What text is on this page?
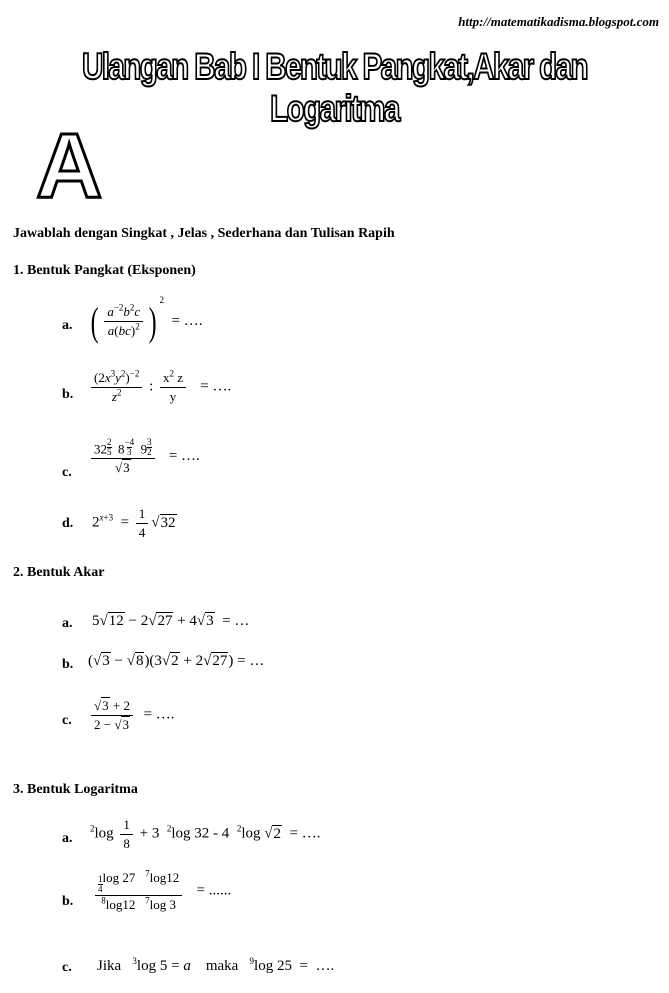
http://matematikadisma.blogspot.com
Ulangan Bab I Bentuk Pangkat,Akar dan Logaritma
A
Jawablah dengan Singkat , Jelas , Sederhana dan Tulisan Rapih
1. Bentuk Pangkat (Eksponen)
a. ( $\frac{a^{-2}b^2c}{a(bc)^2}$ ) $^2$  = ….
b. $\frac{(2x^3y^2)^{-2}}{z^2}$ : $\frac{x^2 z}{y}$ = ….
c. $\frac{32 \frac{2}{5} 8 \frac{-4}{3} 9 \frac{3}{2}}{√3}$ = ….
d. $2^{x+3} = \frac{1}{4} √32$
2. Bentuk Akar
a. 5√12 − 2√27 + 4√3  = …
b. (√3 − √8)(3√2 + 2√27) = …
c. $\frac{√3 + 2}{2 - √3}$ = ….
3. Bentuk Logaritma
a.
$^2\log \frac{1}{8} + 3$  $^2$log 32 - 4  $^2$log √2  = ….
b. $\frac{\frac{1}{4} \log 27 ^7\log 12}{^8\log 12 ^7\log 3}$ = ......
c. Jika $^3$log 5 = a maka $^9$log 25  =  ….
